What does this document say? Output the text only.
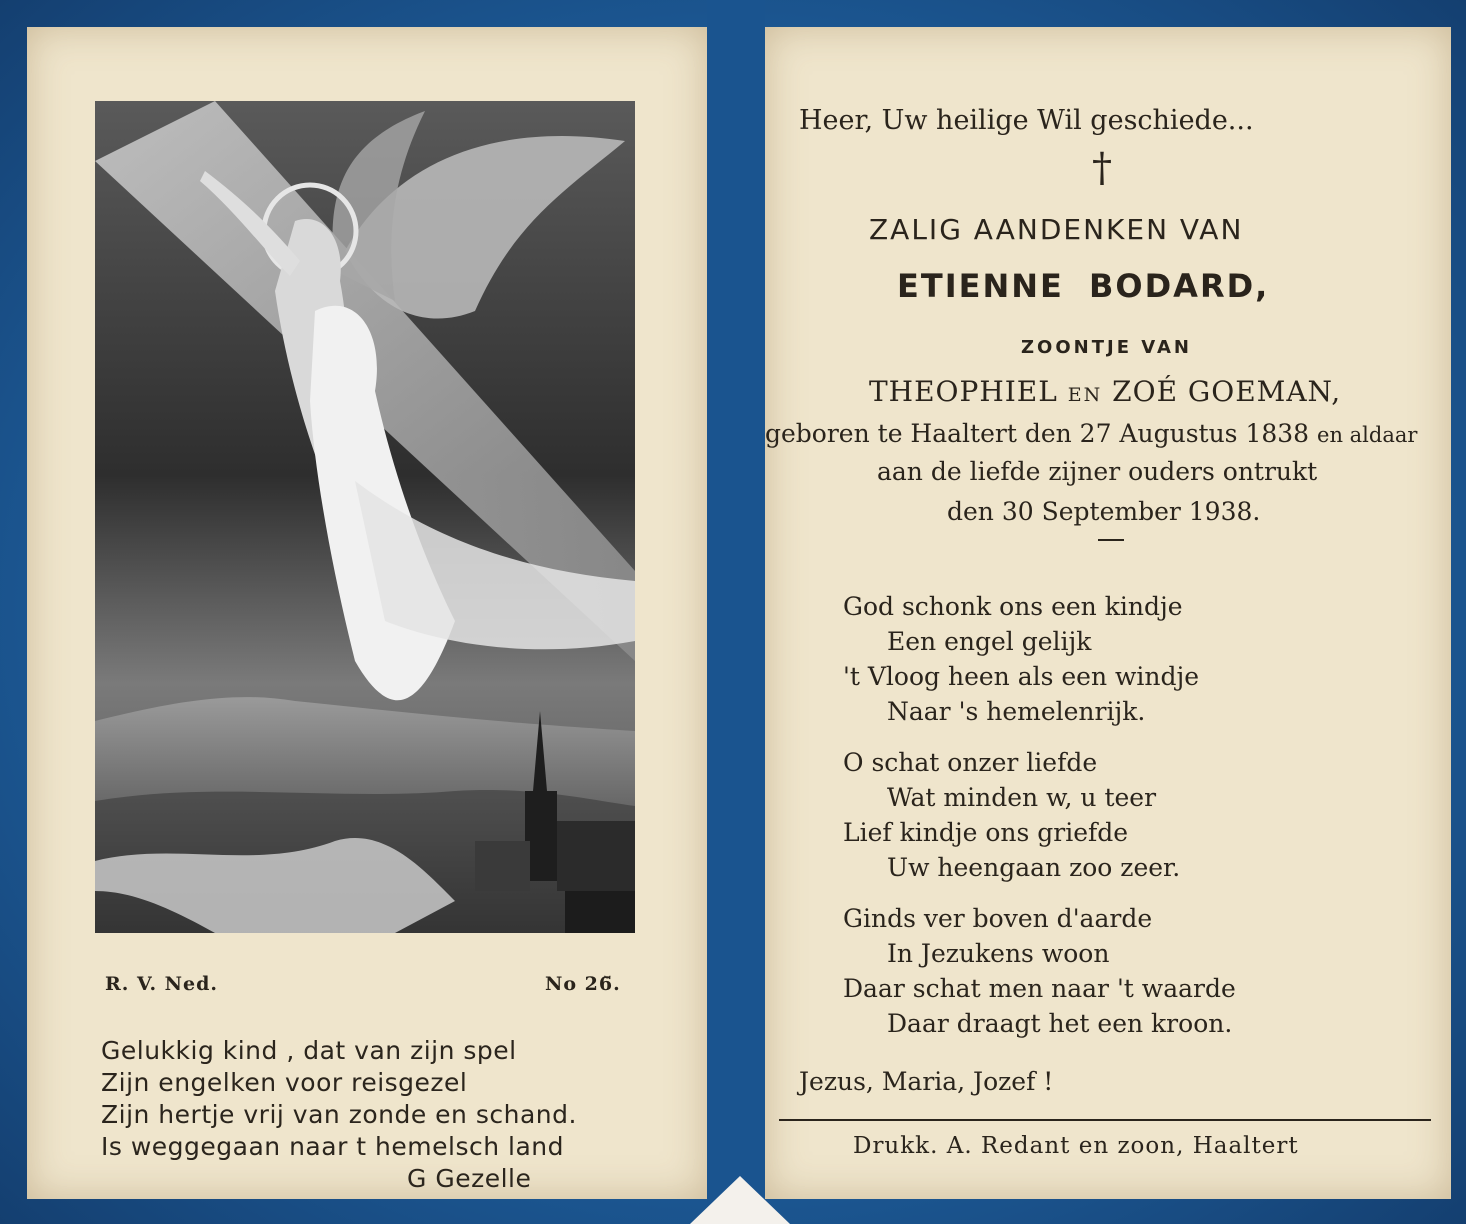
R. V. Ned.	No 26̆.
Gelukkig kind , dat van zijn spel
Zijn engelken voor reisgezel
Zijn hertje vrij van zonde en schand.
Is weggegaan naar t hemelsch land
G Gezelle
Heer, Uw heilige Wil geschiede...
†
ZALIG AANDENKEN VAN
ETIENNE BODARD,
ZOONTJE VAN
THEOPHIEL EN ZOÉ GOEMAN,
geboren te Haaltert den 27 Augustus 1838 en aldaar
aan de liefde zijner ouders ontrukt
den 30 September 1938.
God schonk ons een kindje
Een engel gelijk
't Vloog heen als een windje
Naar 's hemelenrijk.
O schat onzer liefde
Wat minden w, u teer
Lief kindje ons griefde
Uw heengaan zoo zeer.
Ginds ver boven d'aarde
In Jezukens woon
Daar schat men naar 't waarde
Daar draagt het een kroon.
Jezus, Maria, Jozef !
Drukk. A. Redant en zoon, Haaltert
